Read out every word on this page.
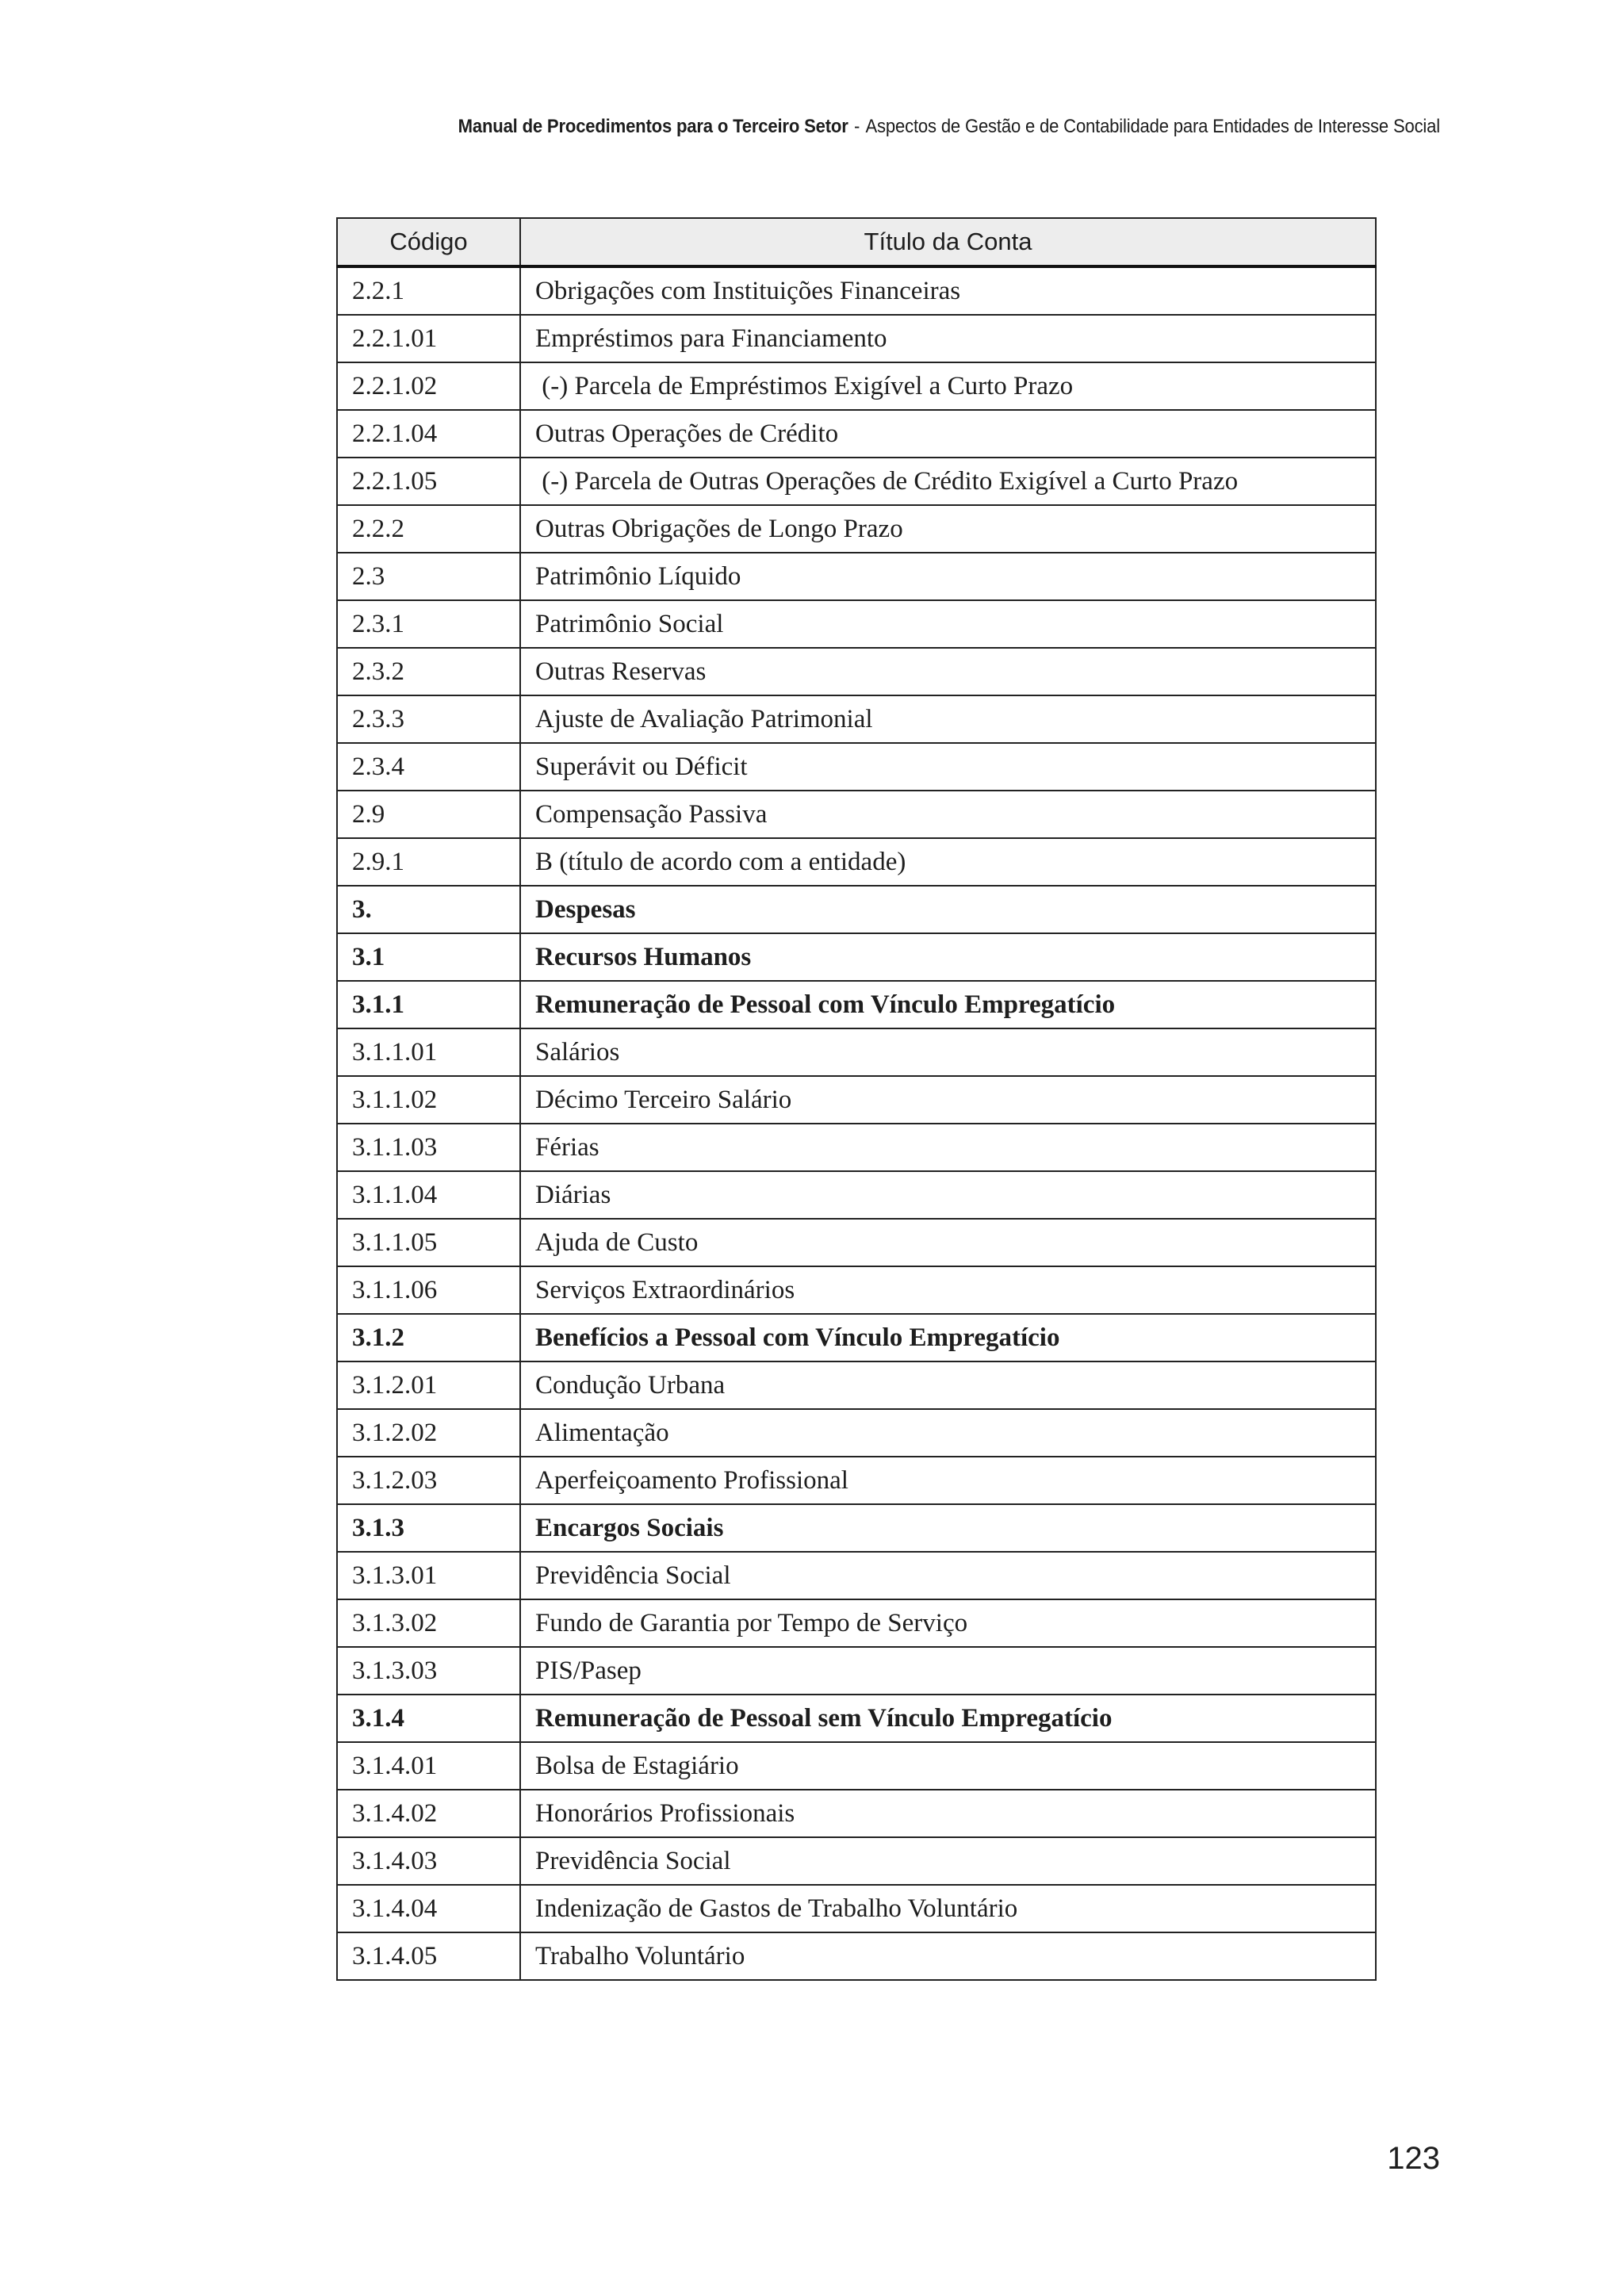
Manual de Procedimentos para o Terceiro Setor - Aspectos de Gestão e de Contabilidade para Entidades de Interesse Social
Código	Título da Conta
2.2.1	Obrigações com Instituições Financeiras
2.2.1.01	Empréstimos para Financiamento
2.2.1.02	(-) Parcela de Empréstimos Exigível a Curto Prazo
2.2.1.04	Outras Operações de Crédito
2.2.1.05	(-) Parcela de Outras Operações de Crédito Exigível a Curto Prazo
2.2.2	Outras Obrigações de Longo Prazo
2.3	Patrimônio Líquido
2.3.1	Patrimônio Social
2.3.2	Outras Reservas
2.3.3	Ajuste de Avaliação Patrimonial
2.3.4	Superávit ou Déficit
2.9	Compensação Passiva
2.9.1	B (título de acordo com a entidade)
3.	Despesas
3.1	Recursos Humanos
3.1.1	Remuneração de Pessoal com Vínculo Empregatício
3.1.1.01	Salários
3.1.1.02	Décimo Terceiro Salário
3.1.1.03	Férias
3.1.1.04	Diárias
3.1.1.05	Ajuda de Custo
3.1.1.06	Serviços Extraordinários
3.1.2	Benefícios a Pessoal com Vínculo Empregatício
3.1.2.01	Condução Urbana
3.1.2.02	Alimentação
3.1.2.03	Aperfeiçoamento Profissional
3.1.3	Encargos Sociais
3.1.3.01	Previdência Social
3.1.3.02	Fundo de Garantia por Tempo de Serviço
3.1.3.03	PIS/Pasep
3.1.4	Remuneração de Pessoal sem Vínculo Empregatício
3.1.4.01	Bolsa de Estagiário
3.1.4.02	Honorários Profissionais
3.1.4.03	Previdência Social
3.1.4.04	Indenização de Gastos de Trabalho Voluntário
3.1.4.05	Trabalho Voluntário
123
